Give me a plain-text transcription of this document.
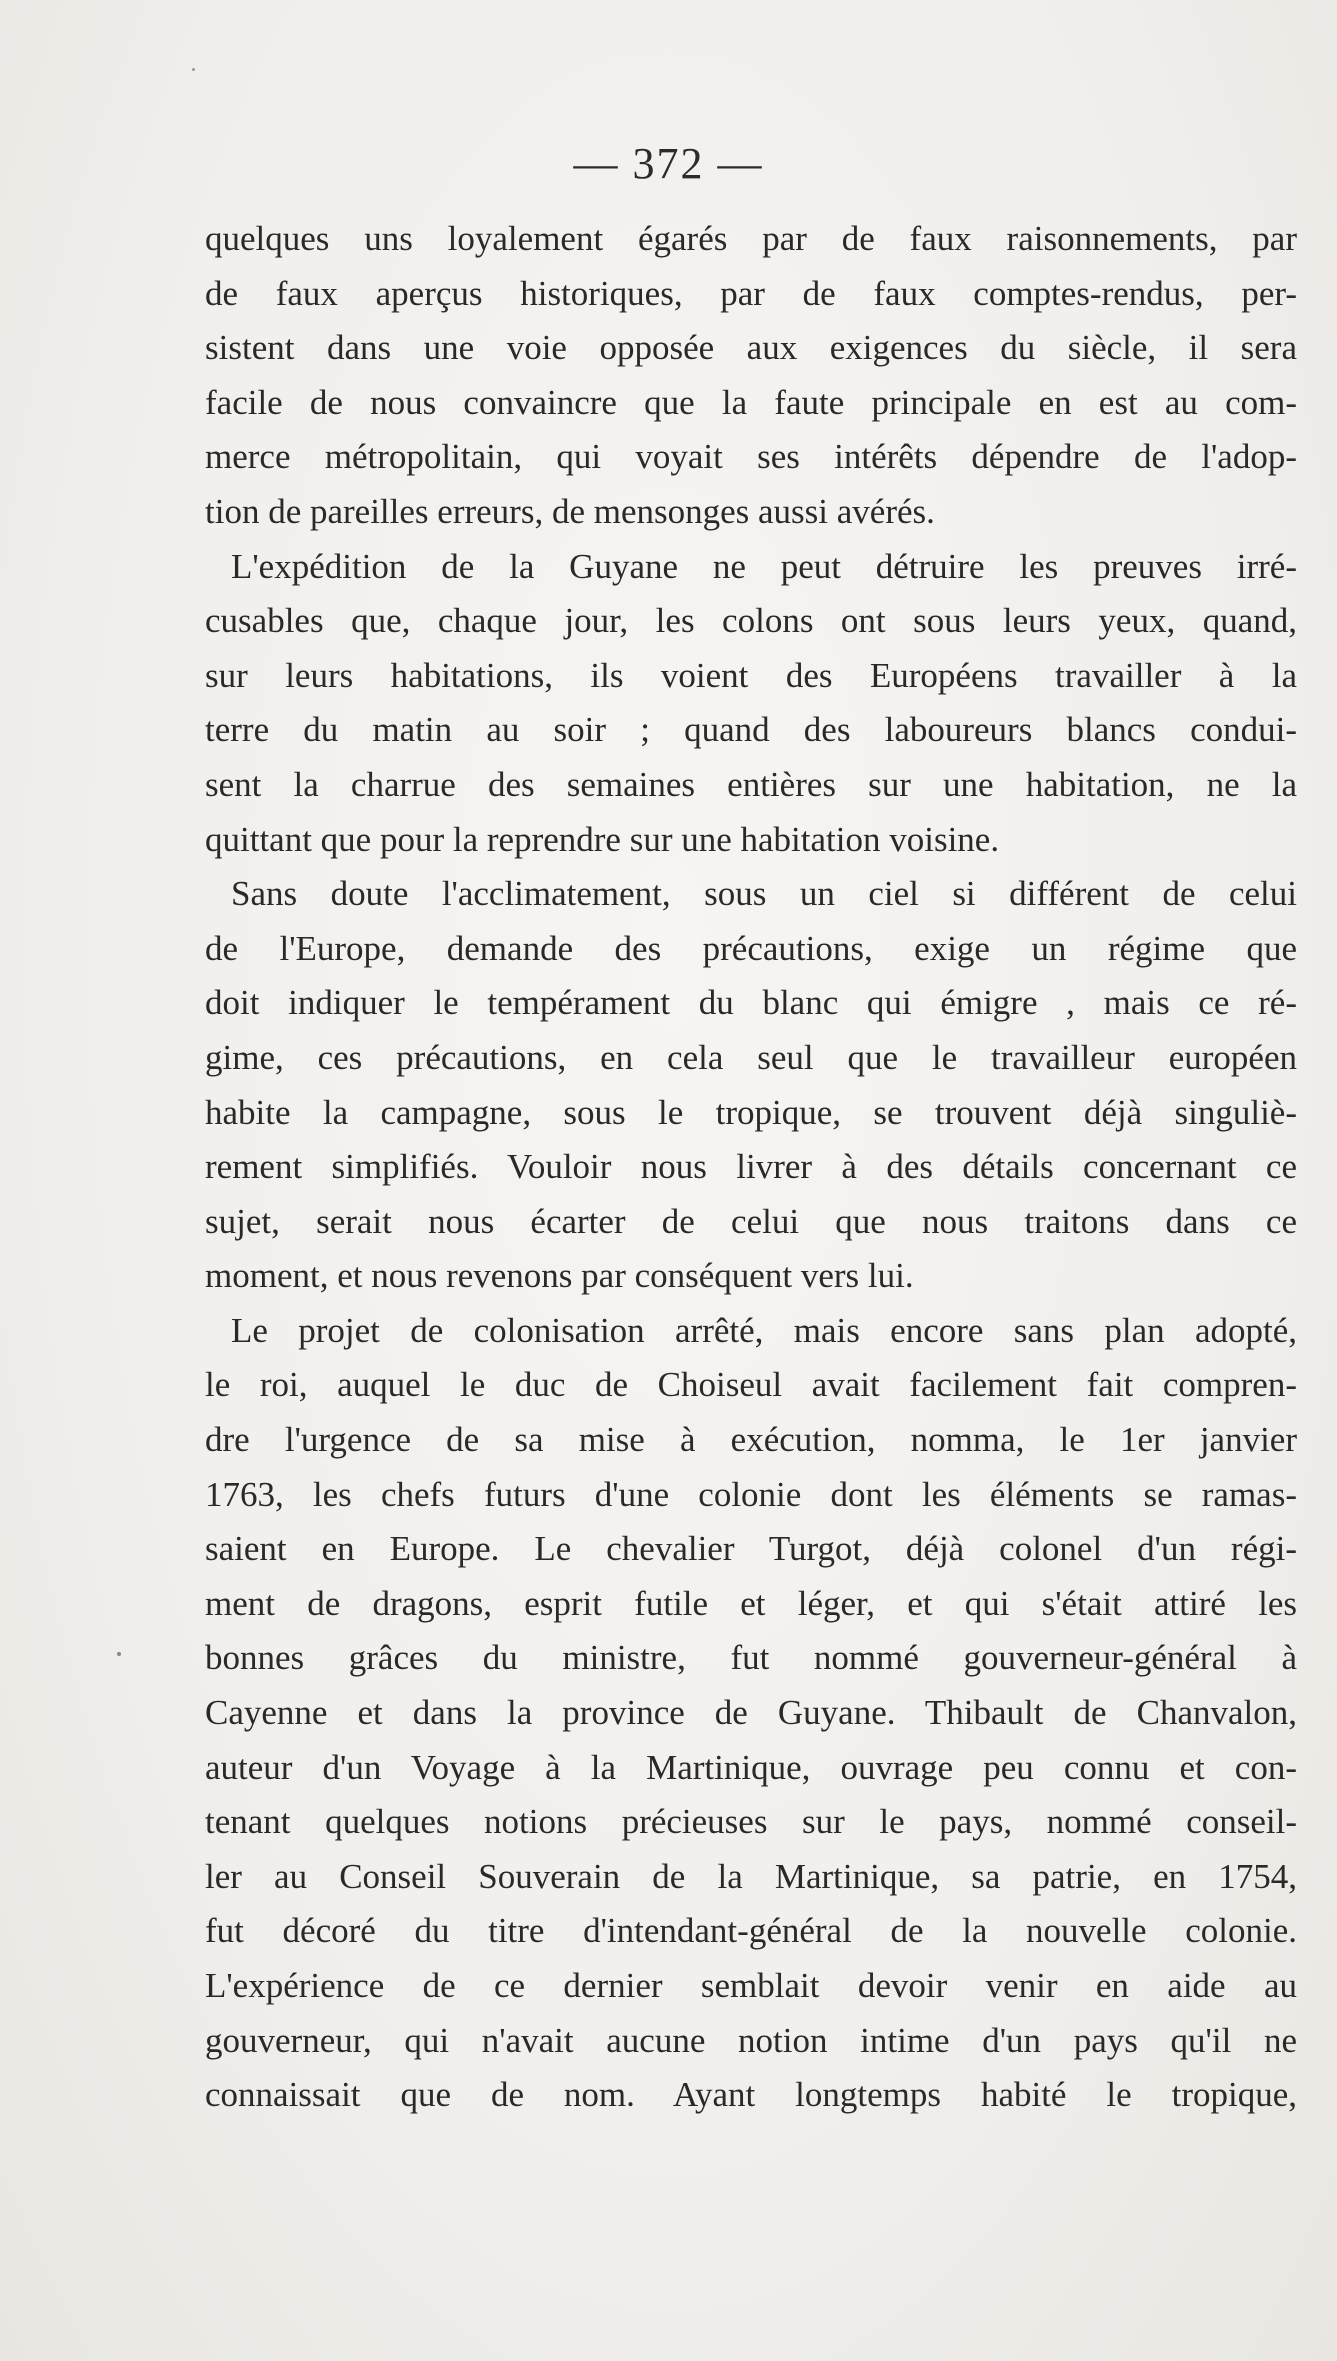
— 372 —
quelques uns loyalement égarés par de faux raisonnements, par
de faux aperçus historiques, par de faux comptes-rendus, per-
sistent dans une voie opposée aux exigences du siècle, il sera
facile de nous convaincre que la faute principale en est au com-
merce métropolitain, qui voyait ses intérêts dépendre de l'adop-
tion de pareilles erreurs, de mensonges aussi avérés.
L'expédition de la Guyane ne peut détruire les preuves irré-
cusables que, chaque jour, les colons ont sous leurs yeux, quand,
sur leurs habitations, ils voient des Européens travailler à la
terre du matin au soir ; quand des laboureurs blancs condui-
sent la charrue des semaines entières sur une habitation, ne la
quittant que pour la reprendre sur une habitation voisine.
Sans doute l'acclimatement, sous un ciel si différent de celui
de l'Europe, demande des précautions, exige un régime que
doit indiquer le tempérament du blanc qui émigre , mais ce ré-
gime, ces précautions, en cela seul que le travailleur européen
habite la campagne, sous le tropique, se trouvent déjà singuliè-
rement simplifiés. Vouloir nous livrer à des détails concernant ce
sujet, serait nous écarter de celui que nous traitons dans ce
moment, et nous revenons par conséquent vers lui.
Le projet de colonisation arrêté, mais encore sans plan adopté,
le roi, auquel le duc de Choiseul avait facilement fait compren-
dre l'urgence de sa mise à exécution, nomma, le 1er janvier
1763, les chefs futurs d'une colonie dont les éléments se ramas-
saient en Europe. Le chevalier Turgot, déjà colonel d'un régi-
ment de dragons, esprit futile et léger, et qui s'était attiré les
bonnes grâces du ministre, fut nommé gouverneur-général à
Cayenne et dans la province de Guyane. Thibault de Chanvalon,
auteur d'un Voyage à la Martinique, ouvrage peu connu et con-
tenant quelques notions précieuses sur le pays, nommé conseil-
ler au Conseil Souverain de la Martinique, sa patrie, en 1754,
fut décoré du titre d'intendant-général de la nouvelle colonie.
L'expérience de ce dernier semblait devoir venir en aide au
gouverneur, qui n'avait aucune notion intime d'un pays qu'il ne
connaissait que de nom. Ayant longtemps habité le tropique,
